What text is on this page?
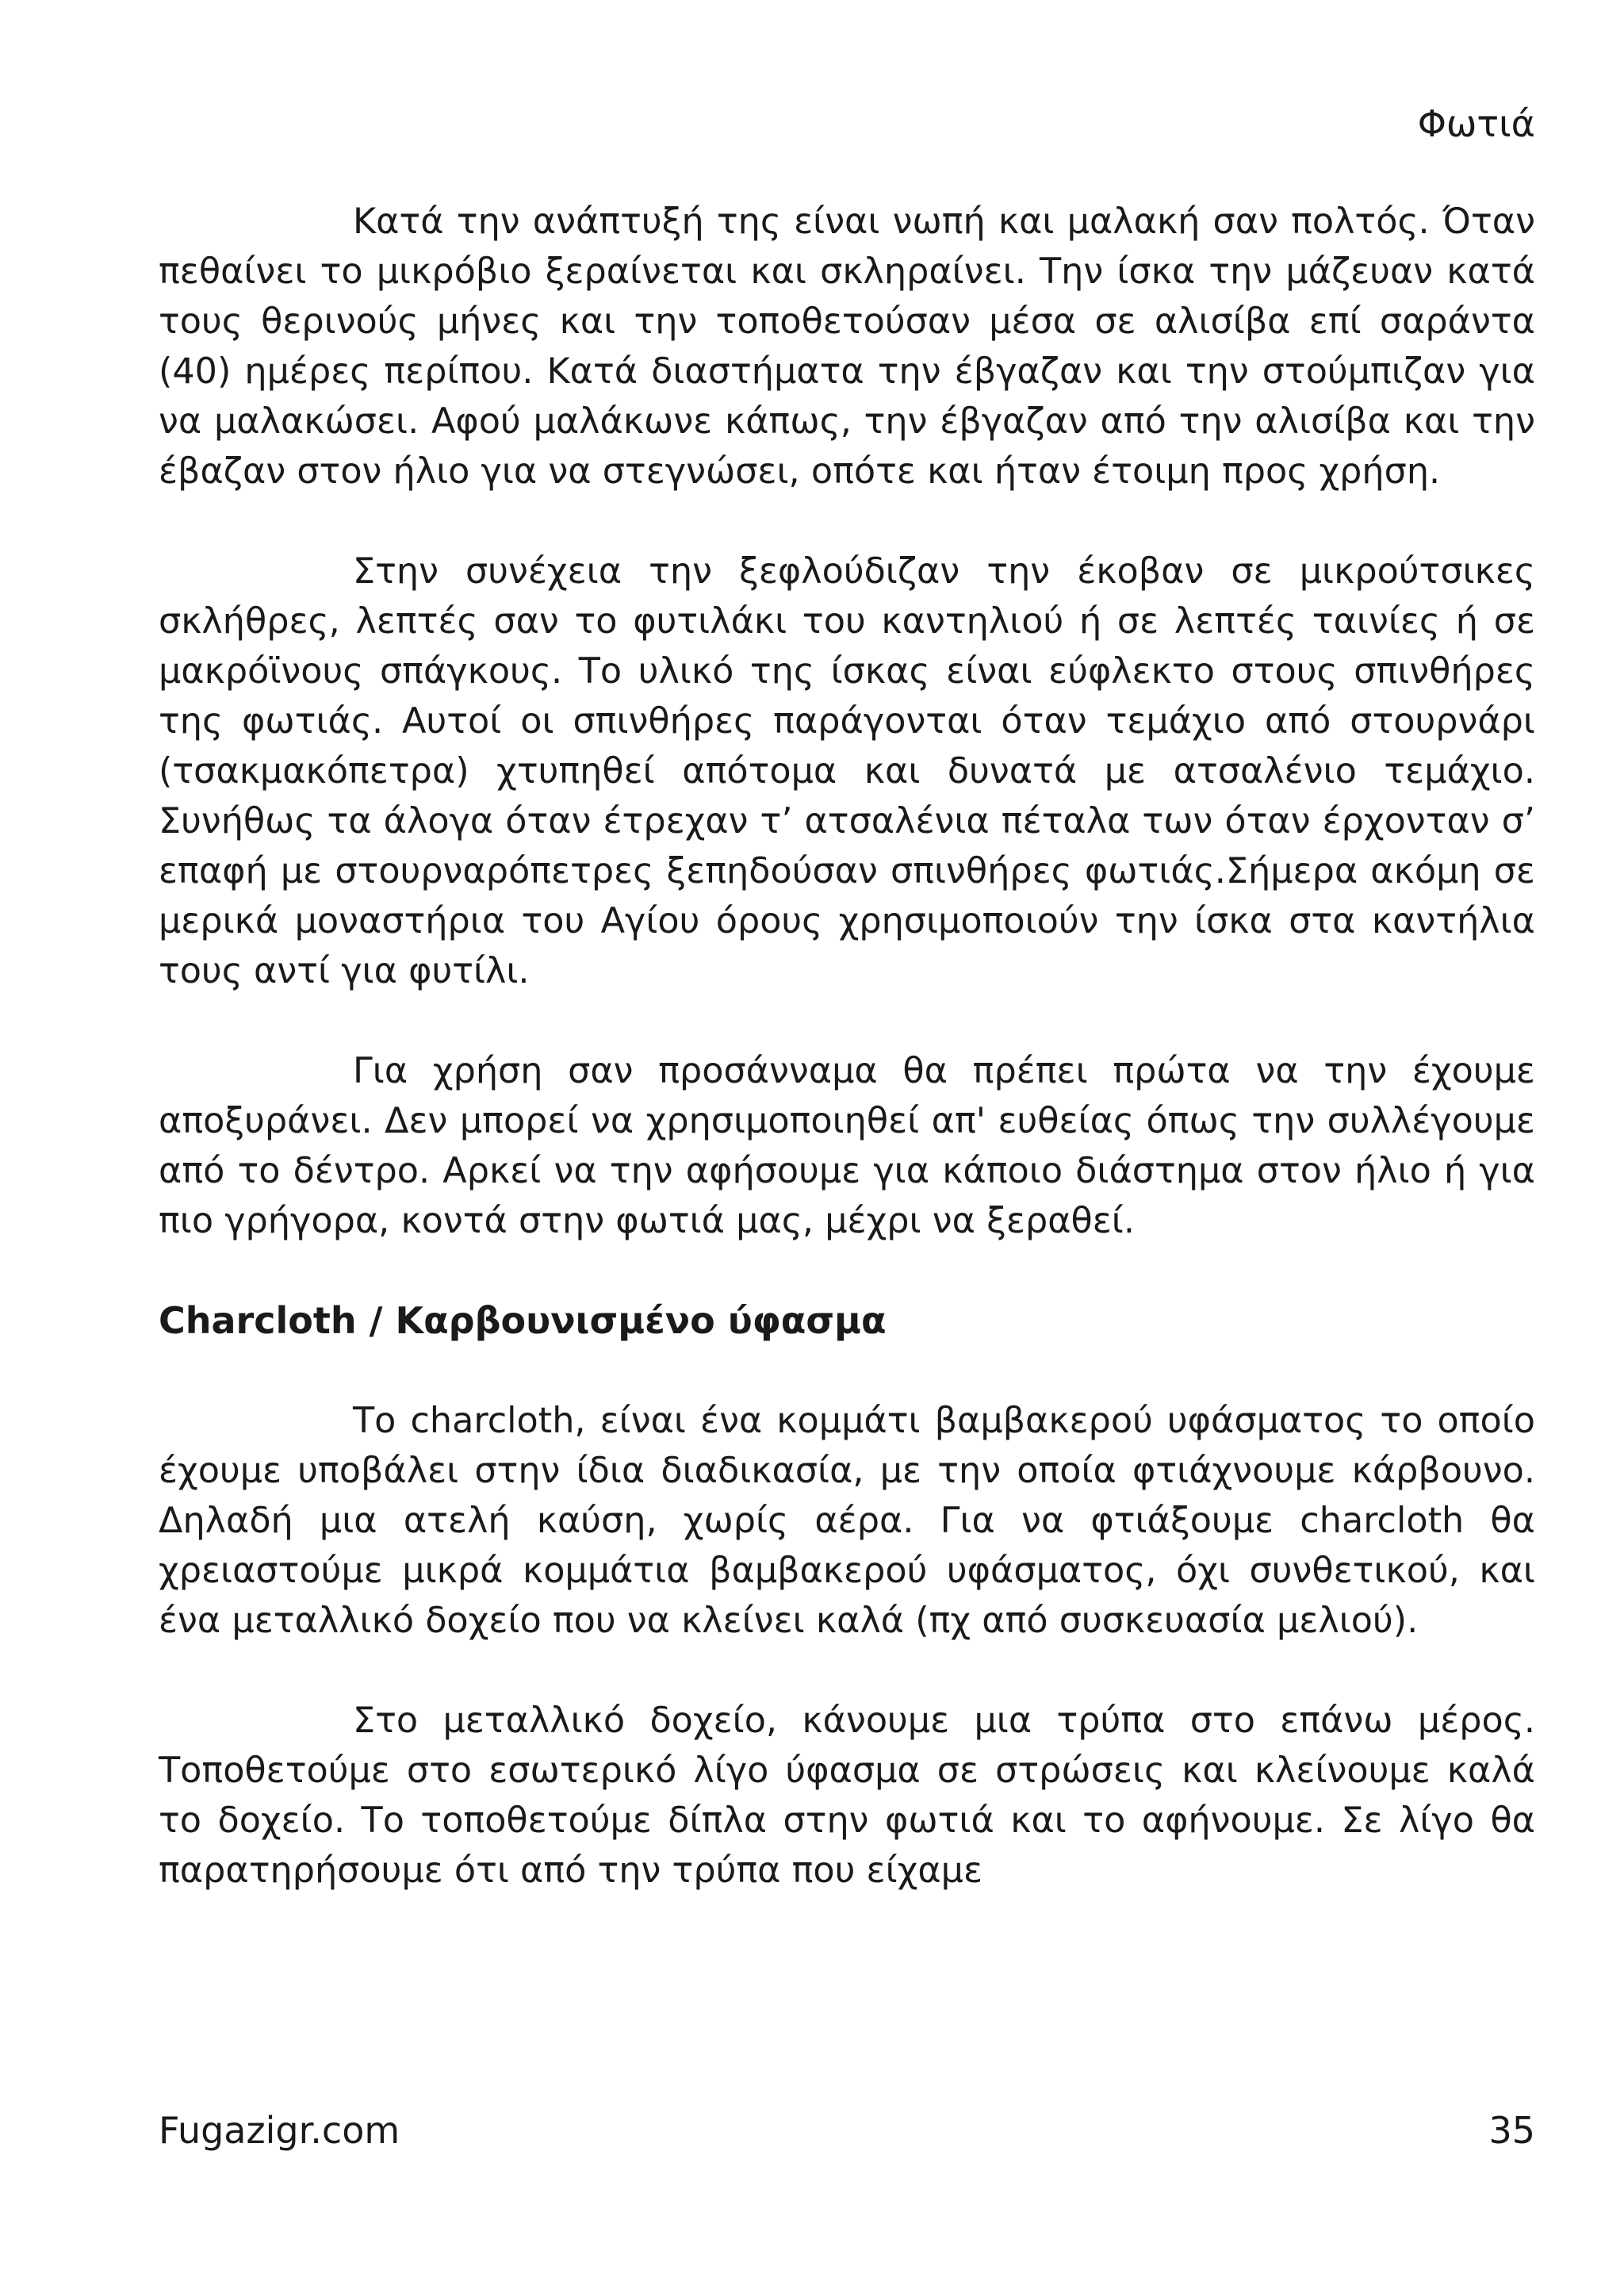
Φωτιά

Κατά την ανάπτυξή της είναι νωπή και μαλακή σαν πολτός. Όταν πεθαίνει το μικρόβιο ξεραίνεται και σκληραίνει. Την ίσκα την μάζευαν κατά τους θερινούς μήνες και την τοποθετούσαν μέσα σε αλισίβα επί σαράντα (40) ημέρες περίπου. Κατά διαστήματα την έβγαζαν και την στούμπιζαν για να μαλακώσει. Αφού μαλάκωνε κάπως, την έβγαζαν από την αλισίβα και την έβαζαν στον ήλιο για να στεγνώσει, οπότε και ήταν έτοιμη προς χρήση.

Στην συνέχεια την ξεφλούδιζαν την έκοβαν σε μικρούτσικες σκλήθρες, λεπτές σαν το φυτιλάκι του καντηλιού ή σε λεπτές ταινίες ή σε μακρόϊνους σπάγκους. Το υλικό της ίσκας είναι εύφλεκτο στους σπινθήρες της φωτιάς. Αυτοί οι σπινθήρες παράγονται όταν τεμάχιο από στουρνάρι (τσακμακόπετρα) χτυπηθεί απότομα και δυνατά με ατσαλένιο τεμάχιο. Συνήθως τα άλογα όταν έτρεχαν τ’ ατσαλένια πέταλα των όταν έρχονταν σ’ επαφή με στουρναρόπετρες ξεπηδούσαν σπινθήρες φωτιάς.Σήμερα ακόμη σε μερικά μοναστήρια του Αγίου όρους χρησιμοποιούν την ίσκα στα καντήλια τους αντί για φυτίλι.

Για χρήση σαν προσάνναμα θα πρέπει πρώτα να την έχουμε αποξυράνει. Δεν μπορεί να χρησιμοποιηθεί απ' ευθείας όπως την συλλέγουμε από το δέντρο. Αρκεί να την αφήσουμε για κάποιο διάστημα στον ήλιο ή για πιο γρήγορα, κοντά στην φωτιά μας, μέχρι να ξεραθεί.

Charcloth / Καρβουνισμένο ύφασμα

Το charcloth, είναι ένα κομμάτι βαμβακερού υφάσματος το οποίο έχουμε υποβάλει στην ίδια διαδικασία, με την οποία φτιάχνουμε κάρβουνο. Δηλαδή μια ατελή καύση, χωρίς αέρα. Για να φτιάξουμε charcloth θα χρειαστούμε μικρά κομμάτια βαμβακερού υφάσματος, όχι συνθετικού, και ένα μεταλλικό δοχείο που να κλείνει καλά (πχ από συσκευασία μελιού).

Στο μεταλλικό δοχείο, κάνουμε μια τρύπα στο επάνω μέρος. Τοποθετούμε στο εσωτερικό λίγο ύφασμα σε στρώσεις και κλείνουμε καλά το δοχείο. Το τοποθετούμε δίπλα στην φωτιά και το αφήνουμε. Σε λίγο θα παρατηρήσουμε ότι από την τρύπα που είχαμε

Fugazigr.com	35
